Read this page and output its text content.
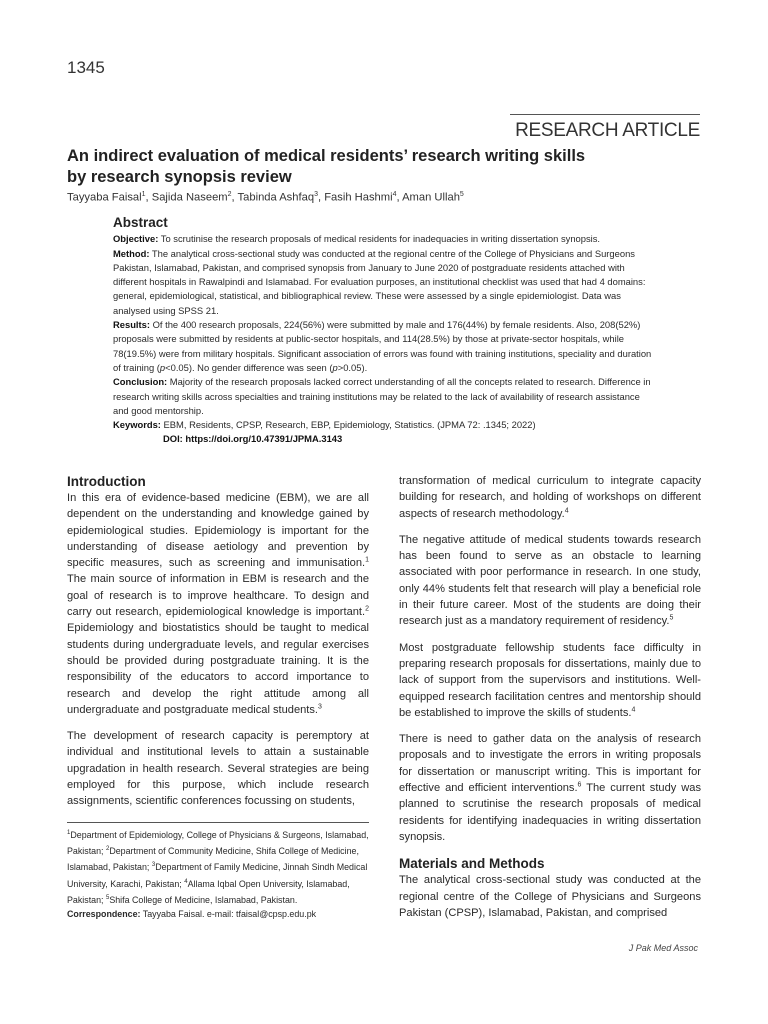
1345
RESEARCH ARTICLE
An indirect evaluation of medical residents’ research writing skills
by research synopsis review
Tayyaba Faisal$^1$, Sajida Naseem$^2$, Tabinda Ashfaq$^3$, Fasih Hashmi$^4$, Aman Ullah$^5$
Abstract

Objective: To scrutinise the research proposals of medical residents for inadequacies in writing dissertation synopsis.

Method: The analytical cross-sectional study was conducted at the regional centre of the College of Physicians and Surgeons Pakistan, Islamabad, Pakistan, and comprised synopsis from January to June 2020 of postgraduate residents attached with different hospitals in Rawalpindi and Islamabad. For evaluation purposes, an institutional checklist was used that had 4 domains: general, epidemiological, statistical, and bibliographical review. These were assessed by a single epidemiologist. Data was analysed using SPSS 21.

Results: Of the 400 research proposals, 224(56%) were submitted by male and 176(44%) by female residents. Also, 208(52%) proposals were submitted by residents at public-sector hospitals, and 114(28.5%) by those at private-sector hospitals, while 78(19.5%) were from military hospitals. Significant association of errors was found with training institutions, speciality and duration of training (p<0.05). No gender difference was seen (p>0.05).

Conclusion: Majority of the research proposals lacked correct understanding of all the concepts related to research. Difference in research writing skills across specialties and training institutions may be related to the lack of availability of research assistance and good mentorship.

Keywords: EBM, Residents, CPSP, Research, EBP, Epidemiology, Statistics. (JPMA 72: .1345; 2022)

DOI: https://doi.org/10.47391/JPMA.3143

Introduction

In this era of evidence-based medicine (EBM), we are all dependent on the understanding and knowledge gained by epidemiological studies. Epidemiology is important for the understanding of disease aetiology and prevention by specific measures, such as screening and immunisation.$^1$ The main source of information in EBM is research and the goal of research is to improve healthcare. To design and carry out research, epidemiological knowledge is important.$^2$ Epidemiology and biostatistics should be taught to medical students during undergraduate levels, and regular exercises should be provided during postgraduate training. It is the responsibility of the educators to accord importance to research and develop the right attitude among all undergraduate and postgraduate medical students.$^3$

The development of research capacity is peremptory at individual and institutional levels to attain a sustainable upgradation in health research. Several strategies are being employed for this purpose, which include research assignments, scientific conferences focussing on students,

$^1$Department of Epidemiology, College of Physicians & Surgeons, Islamabad, Pakistan; $^2$Department of Community Medicine, Shifa College of Medicine, Islamabad, Pakistan; $^3$Department of Family Medicine, Jinnah Sindh Medical University, Karachi, Pakistan; $^4$Allama Iqbal Open University, Islamabad, Pakistan; $^5$Shifa College of Medicine, Islamabad, Pakistan.
Correspondence: Tayyaba Faisal. e-mail: tfaisal@cpsp.edu.pk

transformation of medical curriculum to integrate capacity building for research, and holding of workshops on different aspects of research methodology.$^4$

The negative attitude of medical students towards research has been found to serve as an obstacle to learning associated with poor performance in research. In one study, only 44% students felt that research will play a beneficial role in their future career. Most of the students are doing their research just as a mandatory requirement of residency.$^5$

Most postgraduate fellowship students face difficulty in preparing research proposals for dissertations, mainly due to lack of support from the supervisors and institutions. Well-equipped research facilitation centres and mentorship should be established to improve the skills of students.$^4$

There is need to gather data on the analysis of research proposals and to investigate the errors in writing proposals for dissertation or manuscript writing. This is important for effective and efficient interventions.$^6$ The current study was planned to scrutinise the research proposals of medical residents for identifying inadequacies in writing dissertation synopsis.

Materials and Methods

The analytical cross-sectional study was conducted at the regional centre of the College of Physicians and Surgeons Pakistan (CPSP), Islamabad, Pakistan, and comprised

J Pak Med Assoc
